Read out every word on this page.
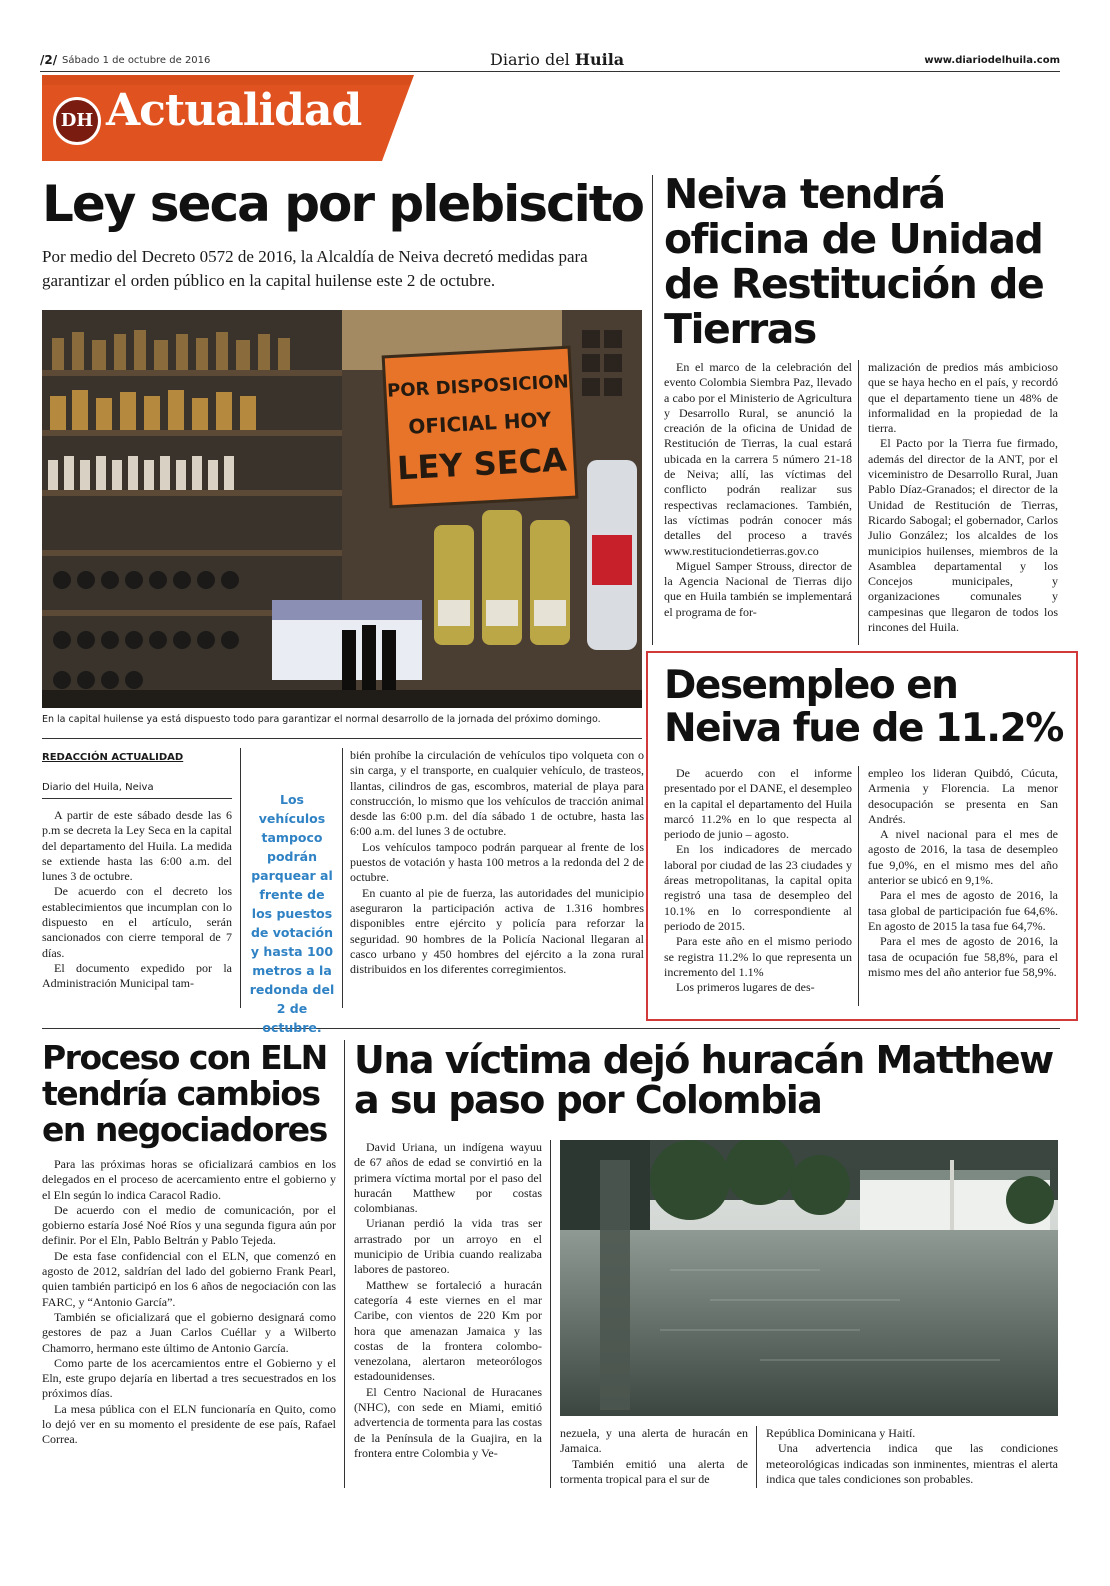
/2/ Sábado 1 de octubre de 2016	Diario del Huila	www.diariodelhuila.com
DH Actualidad
Ley seca por plebiscito

Por medio del Decreto 0572 de 2016, la Alcaldía de Neiva decretó medidas para garantizar el orden público en la capital huilense este 2 de octubre.

POR DISPOSICION
OFICIAL HOY
LEY SECA

En la capital huilense ya está dispuesto todo para garantizar el normal desarrollo de la jornada del próximo domingo.

REDACCIÓN ACTUALIDAD
Diario del Huila, Neiva

A partir de este sábado desde las 6 p.m se decreta la Ley Seca en la capital del departamento del Huila. La medida se extiende hasta las 6:00 a.m. del lunes 3 de octubre.

De acuerdo con el decreto los establecimientos que incumplan con lo dispuesto en el artículo, serán sancionados con cierre temporal de 7 días.

El documento expedido por la Administración Municipal tam-

Los vehículos tampoco podrán parquear al frente de los puestos de votación y hasta 100 metros a la redonda del 2 de octubre.

bién prohíbe la circulación de vehículos tipo volqueta con o sin carga, y el transporte, en cualquier vehículo, de trasteos, llantas, cilindros de gas, escombros, material de playa para construcción, lo mismo que los vehículos de tracción animal desde las 6:00 p.m. del día sábado 1 de octubre, hasta las 6:00 a.m. del lunes 3 de octubre.

Los vehículos tampoco podrán parquear al frente de los puestos de votación y hasta 100 metros a la redonda del 2 de octubre.

En cuanto al pie de fuerza, las autoridades del municipio aseguraron la participación activa de 1.316 hombres disponibles entre ejército y policía para reforzar la seguridad. 90 hombres de la Policía Nacional llegaran al casco urbano y 450 hombres del ejército a la zona rural distribuidos en los diferentes corregimientos.

Neiva tendrá oficina de Unidad de Restitución de Tierras

En el marco de la celebración del evento Colombia Siembra Paz, llevado a cabo por el Ministerio de Agricultura y Desarrollo Rural, se anunció la creación de la oficina de Unidad de Restitución de Tierras, la cual estará ubicada en la carrera 5 número 21-18 de Neiva; allí, las víctimas del conflicto podrán realizar sus respectivas reclamaciones. También, las víctimas podrán conocer más detalles del proceso a través www.restituciondetierras.gov.co

Miguel Samper Strouss, director de la Agencia Nacional de Tierras dijo que en Huila también se implementará el programa de for-

malización de predios más ambicioso que se haya hecho en el país, y recordó que el departamento tiene un 48% de informalidad en la propiedad de la tierra.

El Pacto por la Tierra fue firmado, además del director de la ANT, por el viceministro de Desarrollo Rural, Juan Pablo Díaz-Granados; el director de la Unidad de Restitución de Tierras, Ricardo Sabogal; el gobernador, Carlos Julio González; los alcaldes de los municipios huilenses, miembros de la Asamblea departamental y los Concejos municipales, y organizaciones comunales y campesinas que llegaron de todos los rincones del Huila.

Desempleo en Neiva fue de 11.2%

De acuerdo con el informe presentado por el DANE, el desempleo en la capital el departamento del Huila marcó 11.2% en lo que respecta al periodo de junio – agosto.

En los indicadores de mercado laboral por ciudad de las 23 ciudades y áreas metropolitanas, la capital opita registró una tasa de desempleo del 10.1% en lo correspondiente al periodo de 2015.

Para este año en el mismo periodo se registra 11.2% lo que representa un incremento del 1.1%

Los primeros lugares de des-

empleo los lideran Quibdó, Cúcuta, Armenia y Florencia. La menor desocupación se presenta en San Andrés.

A nivel nacional para el mes de agosto de 2016, la tasa de desempleo fue 9,0%, en el mismo mes del año anterior se ubicó en 9,1%.

Para el mes de agosto de 2016, la tasa global de participación fue 64,6%. En agosto de 2015 la tasa fue 64,7%.

Para el mes de agosto de 2016, la tasa de ocupación fue 58,8%, para el mismo mes del año anterior fue 58,9%.

Proceso con ELN tendría cambios en negociadores

Para las próximas horas se oficializará cambios en los delegados en el proceso de acercamiento entre el gobierno y el Eln según lo indica Caracol Radio.

De acuerdo con el medio de comunicación, por el gobierno estaría José Noé Ríos y una segunda figura aún por definir. Por el Eln, Pablo Beltrán y Pablo Tejeda.

De esta fase confidencial con el ELN, que comenzó en agosto de 2012, saldrían del lado del gobierno Frank Pearl, quien también participó en los 6 años de negociación con las FARC, y “Antonio García”.

También se oficializará que el gobierno designará como gestores de paz a Juan Carlos Cuéllar y a Wilberto Chamorro, hermano este último de Antonio García.

Como parte de los acercamientos entre el Gobierno y el Eln, este grupo dejaría en libertad a tres secuestrados en los próximos días.

La mesa pública con el ELN funcionaría en Quito, como lo dejó ver en su momento el presidente de ese país, Rafael Correa.

Una víctima dejó huracán Matthew a su paso por Colombia

David Uriana, un indígena wayuu de 67 años de edad se convirtió en la primera víctima mortal por el paso del huracán Matthew por costas colombianas.

Urianan perdió la vida tras ser arrastrado por un arroyo en el municipio de Uribia cuando realizaba labores de pastoreo.

Matthew se fortaleció a huracán categoría 4 este viernes en el mar Caribe, con vientos de 220 Km por hora que amenazan Jamaica y las costas de la frontera colombo-venezolana, alertaron meteorólogos estadounidenses.

El Centro Nacional de Huracanes (NHC), con sede en Miami, emitió advertencia de tormenta para las costas de la Península de la Guajira, en la frontera entre Colombia y Ve-

nezuela, y una alerta de huracán en Jamaica.

También emitió una alerta de tormenta tropical para el sur de

República Dominicana y Haití.

Una advertencia indica que las condiciones meteorológicas indicadas son inminentes, mientras el alerta indica que tales condiciones son probables.
